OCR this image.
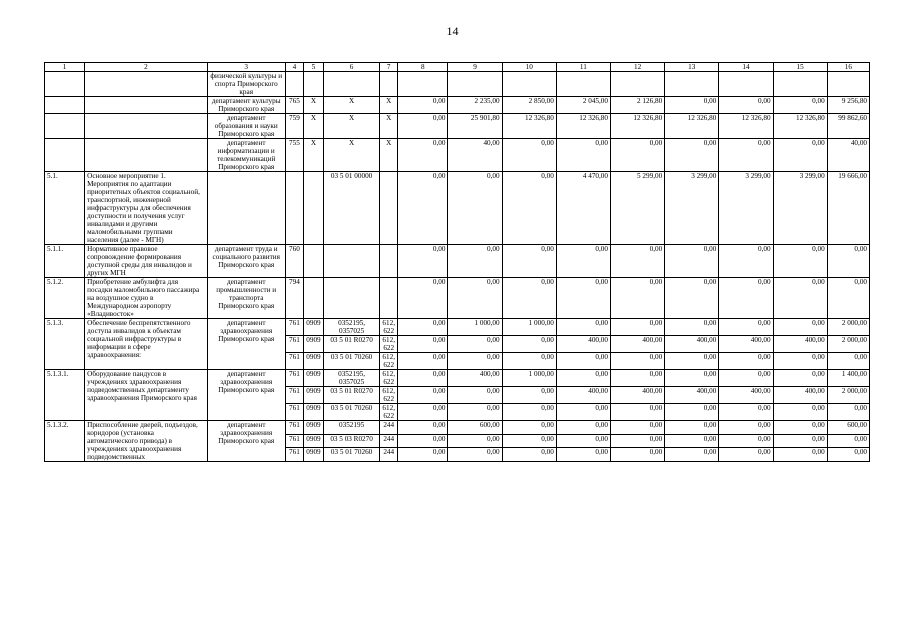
14
1	2	3	4	5	6	7	8	9	10	11	12	13	14	15	16
		физической культуры и спорта Приморского края													
		департамент культуры Приморского края	765	Х	Х	Х	0,00	2 235,00	2 850,00	2 045,00	2 126,80	0,00	0,00	0,00	9 256,80
		департамент образования и науки Приморского края	759	Х	Х	Х	0,00	25 901,80	12 326,80	12 326,80	12 326,80	12 326,80	12 326,80	12 326,80	99 862,60
		департамент информатизации и телекоммуникаций Приморского края	755	Х	Х	Х	0,00	40,00	0,00	0,00	0,00	0,00	0,00	0,00	40,00
5.1.	Основное мероприятие 1. Мероприятия по адаптации приоритетных объектов социальной, транспортной, инженерной инфраструктуры для обеспечения доступности и получения услуг инвалидами и другими маломобильными группами населения (далее - МГН)				03 5 01 00000		0,00	0,00	0,00	4 470,00	5 299,00	3 299,00	3 299,00	3 299,00	19 666,00
5.1.1.	Нормативное правовое сопровождение формирования доступной среды для инвалидов и других МГН	департамент труда и социального развития Приморского края	760				0,00	0,00	0,00	0,00	0,00	0,00	0,00	0,00	0,00
5.1.2.	Приобретение амбулифта для посадки маломобильного пассажира на воздушное судно в Международном аэропорту «Владивосток»	департамент промышленности и транспорта Приморского края	794				0,00	0,00	0,00	0,00	0,00	0,00	0,00	0,00	0,00
5.1.3.	Обеспечение беспрепятственного доступа инвалидов к объектам социальной инфраструктуры в информации в сфере здравоохранения:	департамент здравоохранения Приморского края	761	0909	0352195, 0357025	612, 622	0,00	1 000,00	1 000,00	0,00	0,00	0,00	0,00	0,00	2 000,00
			761	0909	03 5 01 R0270	612, 622	0,00	0,00	0,00	400,00	400,00	400,00	400,00	400,00	2 000,00
			761	0909	03 5 01 70260	612, 622	0,00	0,00	0,00	0,00	0,00	0,00	0,00	0,00	0,00
5.1.3.1.	Оборудование пандусов в учреждениях здравоохранения подведомственных департаменту здравоохранения Приморского края	департамент здравоохранения Приморского края	761	0909	0352195, 0357025	612, 622	0,00	400,00	1 000,00	0,00	0,00	0,00	0,00	0,00	1 400,00
			761	0909	03 5 01 R0270	612, 622	0,00	0,00	0,00	400,00	400,00	400,00	400,00	400,00	2 000,00
			761	0909	03 5 01 70260	612, 622	0,00	0,00	0,00	0,00	0,00	0,00	0,00	0,00	0,00
5.1.3.2.	Приспособление дверей, подъездов, коридоров (установка автоматического привода) в учреждениях здравоохранения подведомственных	департамент здравоохранения Приморского края	761	0909	0352195	244	0,00	600,00	0,00	0,00	0,00	0,00	0,00	0,00	600,00
			761	0909	03 5 03 R0270	244	0,00	0,00	0,00	0,00	0,00	0,00	0,00	0,00	0,00
			761	0909	03 5 01 70260	244	0,00	0,00	0,00	0,00	0,00	0,00	0,00	0,00	0,00
